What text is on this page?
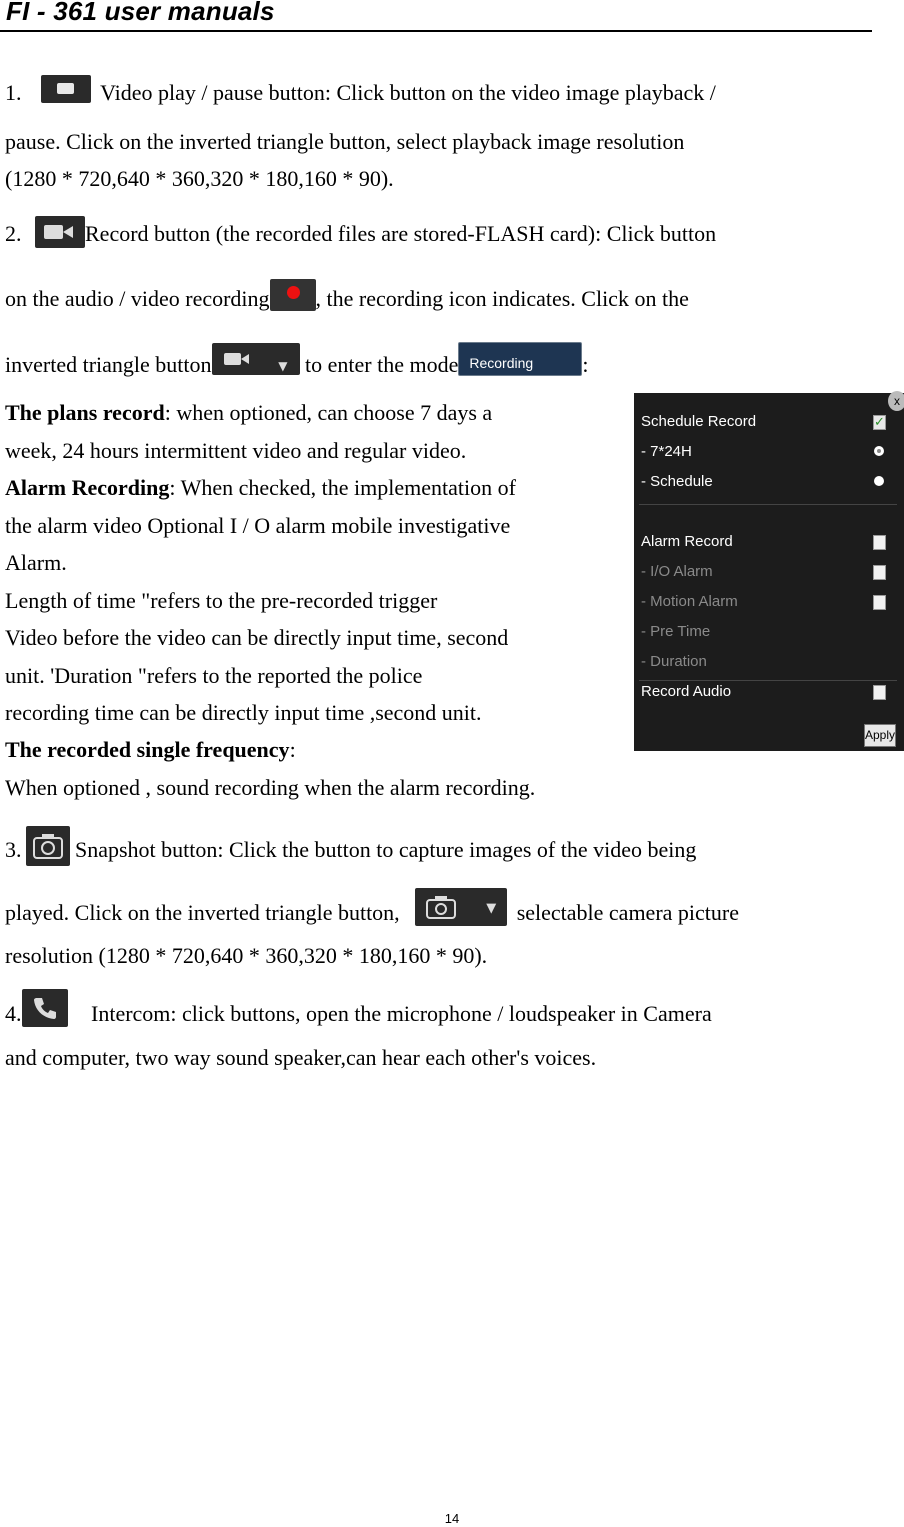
FI - 361 user manuals
1.	Video play / pause button: Click button on the video image playback /
pause. Click on the inverted triangle button, select playback image resolution
(1280 * 720,640 * 360,320 * 180,160 * 90).
2.	Record button (the recorded files are stored-FLASH card): Click button
on the audio / video recording , the recording icon indicates. Click on the
inverted triangle button	▼ to enter the mode Recording :
The plans record: when optioned, can choose 7 days a
week, 24 hours intermittent video and regular video.
Alarm Recording: When checked, the implementation of
the alarm video Optional I / O alarm mobile investigative
Alarm.
Length of time "refers to the pre-recorded trigger
Video before the video can be directly input time, second
unit. 'Duration "refers to the reported the police
recording time can be directly input time ,second unit.
The recorded single frequency:
When optioned , sound recording when the alarm recording.
3.
Snapshot button: Click the button to capture images of the video being
played. Click on the inverted triangle button,	▼ selectable camera picture
resolution (1280 * 720,640 * 360,320 * 180,160 * 90).
4.	Intercom: click buttons, open the microphone / loudspeaker in Camera
and computer, two way sound speaker,can hear each other's voices.
x
Schedule Record
✓
- 7*24H
- Schedule
Alarm Record
- I/O Alarm
- Motion Alarm
- Pre Time
- Duration
Record Audio
Apply
14
